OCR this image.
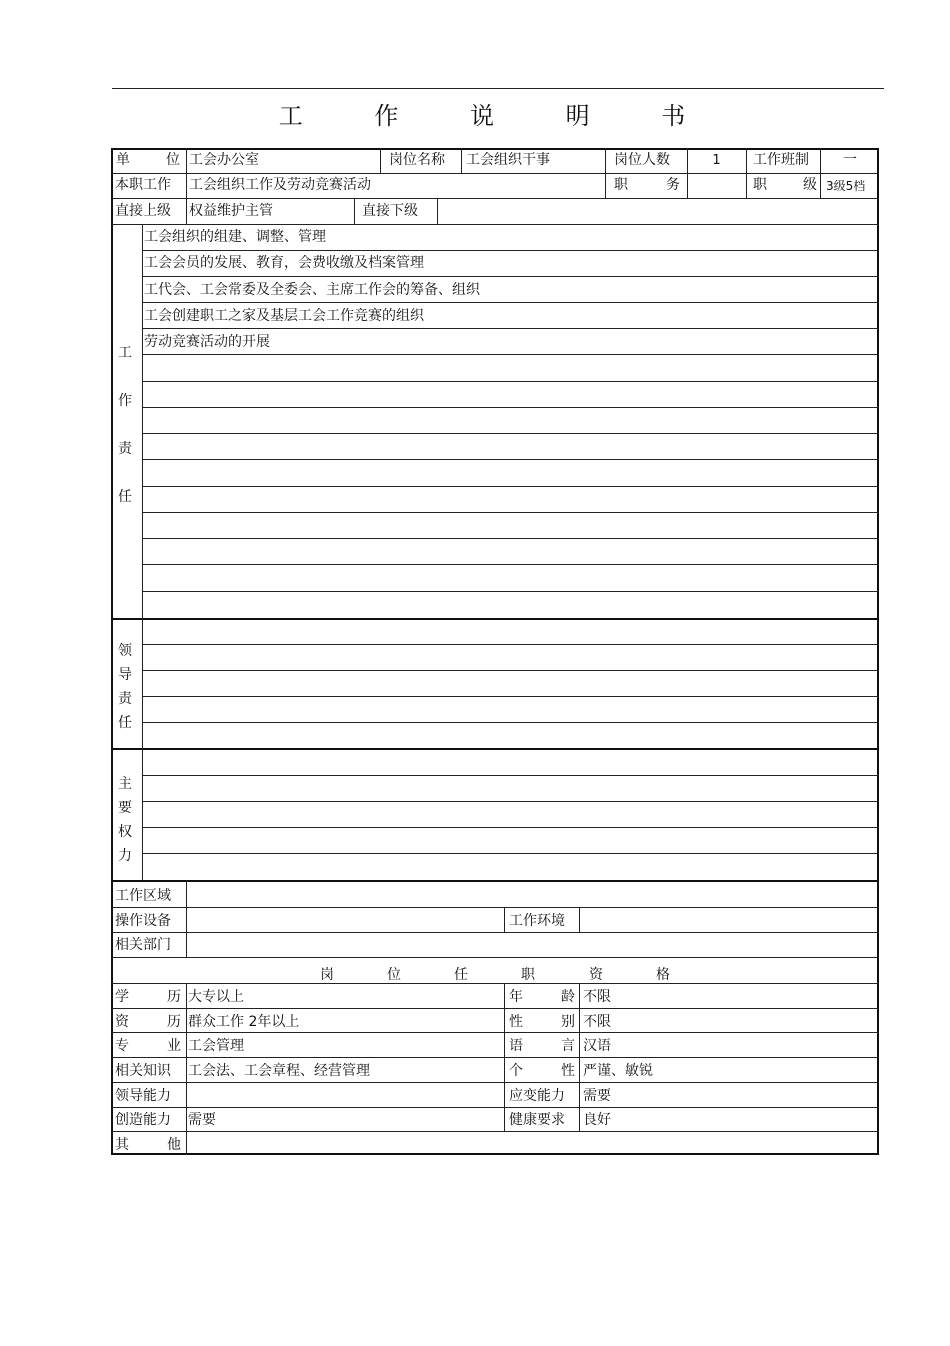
工 作 说 明 书
单 位 工会办公室	岗位名称 工会组织干事	岗位人数	1	工作班制	一
本职工作 工会组织工作及劳动竞赛活动	职 务	职 级 3级5档
直接上级 权益维护主管	直接下级
工
作
责
任
工会组织的组建、调整、管理
工会会员的发展、教育，会费收缴及档案管理
工代会、工会常委及全委会、主席工作会的筹备、组织
工会创建职工之家及基层工会工作竞赛的组织
劳动竞赛活动的开展
领
导
责
任
主
要
权
力
工作区域
操作设备	工作环境
相关部门
岗	位	任	职	资	格
学 历 大专以上	年 龄 不限
资 历 群众工作 2年以上	性 别 不限
专 业 工会管理	语 言 汉语
相关知识 工会法、工会章程、经营管理	个 性 严谨、敏锐
领导能力	应变能力 需要
创造能力 需要	健康要求 良好
其 他
